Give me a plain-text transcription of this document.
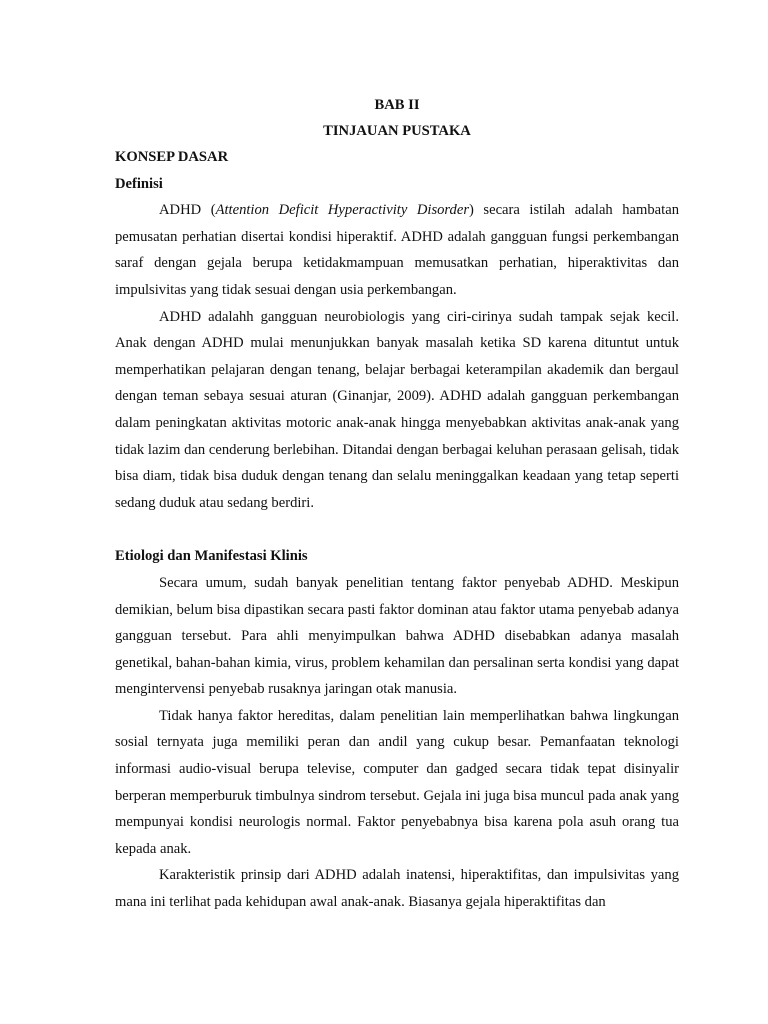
BAB II

TINJAUAN PUSTAKA

KONSEP DASAR

Definisi

ADHD (Attention Deficit Hyperactivity Disorder) secara istilah adalah hambatan pemusatan perhatian disertai kondisi hiperaktif. ADHD adalah gangguan fungsi perkembangan saraf dengan gejala berupa ketidakmampuan memusatkan perhatian, hiperaktivitas dan impulsivitas yang tidak sesuai dengan usia perkembangan.

ADHD adalahh gangguan neurobiologis yang ciri-cirinya sudah tampak sejak kecil. Anak dengan ADHD mulai menunjukkan banyak masalah ketika SD karena dituntut untuk memperhatikan pelajaran dengan tenang, belajar berbagai keterampilan akademik dan bergaul dengan teman sebaya sesuai aturan (Ginanjar, 2009). ADHD adalah gangguan perkembangan dalam peningkatan aktivitas motoric anak-anak hingga menyebabkan aktivitas anak-anak yang tidak lazim dan cenderung berlebihan. Ditandai dengan berbagai keluhan perasaan gelisah, tidak bisa diam, tidak bisa duduk dengan tenang dan selalu meninggalkan keadaan yang tetap seperti sedang duduk atau sedang berdiri.

Etiologi dan Manifestasi Klinis

Secara umum, sudah banyak penelitian tentang faktor penyebab ADHD. Meskipun demikian, belum bisa dipastikan secara pasti faktor dominan atau faktor utama penyebab adanya gangguan tersebut. Para ahli menyimpulkan bahwa ADHD disebabkan adanya masalah genetikal, bahan-bahan kimia, virus, problem kehamilan dan persalinan serta kondisi yang dapat mengintervensi penyebab rusaknya jaringan otak manusia.

Tidak hanya faktor hereditas, dalam penelitian lain memperlihatkan bahwa lingkungan sosial ternyata juga memiliki peran dan andil yang cukup besar. Pemanfaatan teknologi informasi audio-visual berupa televise, computer dan gadged secara tidak tepat disinyalir berperan memperburuk timbulnya sindrom tersebut. Gejala ini juga bisa muncul pada anak yang mempunyai kondisi neurologis normal. Faktor penyebabnya bisa karena pola asuh orang tua kepada anak.

Karakteristik prinsip dari ADHD adalah inatensi, hiperaktifitas, dan impulsivitas yang mana ini terlihat pada kehidupan awal anak-anak. Biasanya gejala hiperaktifitas dan
